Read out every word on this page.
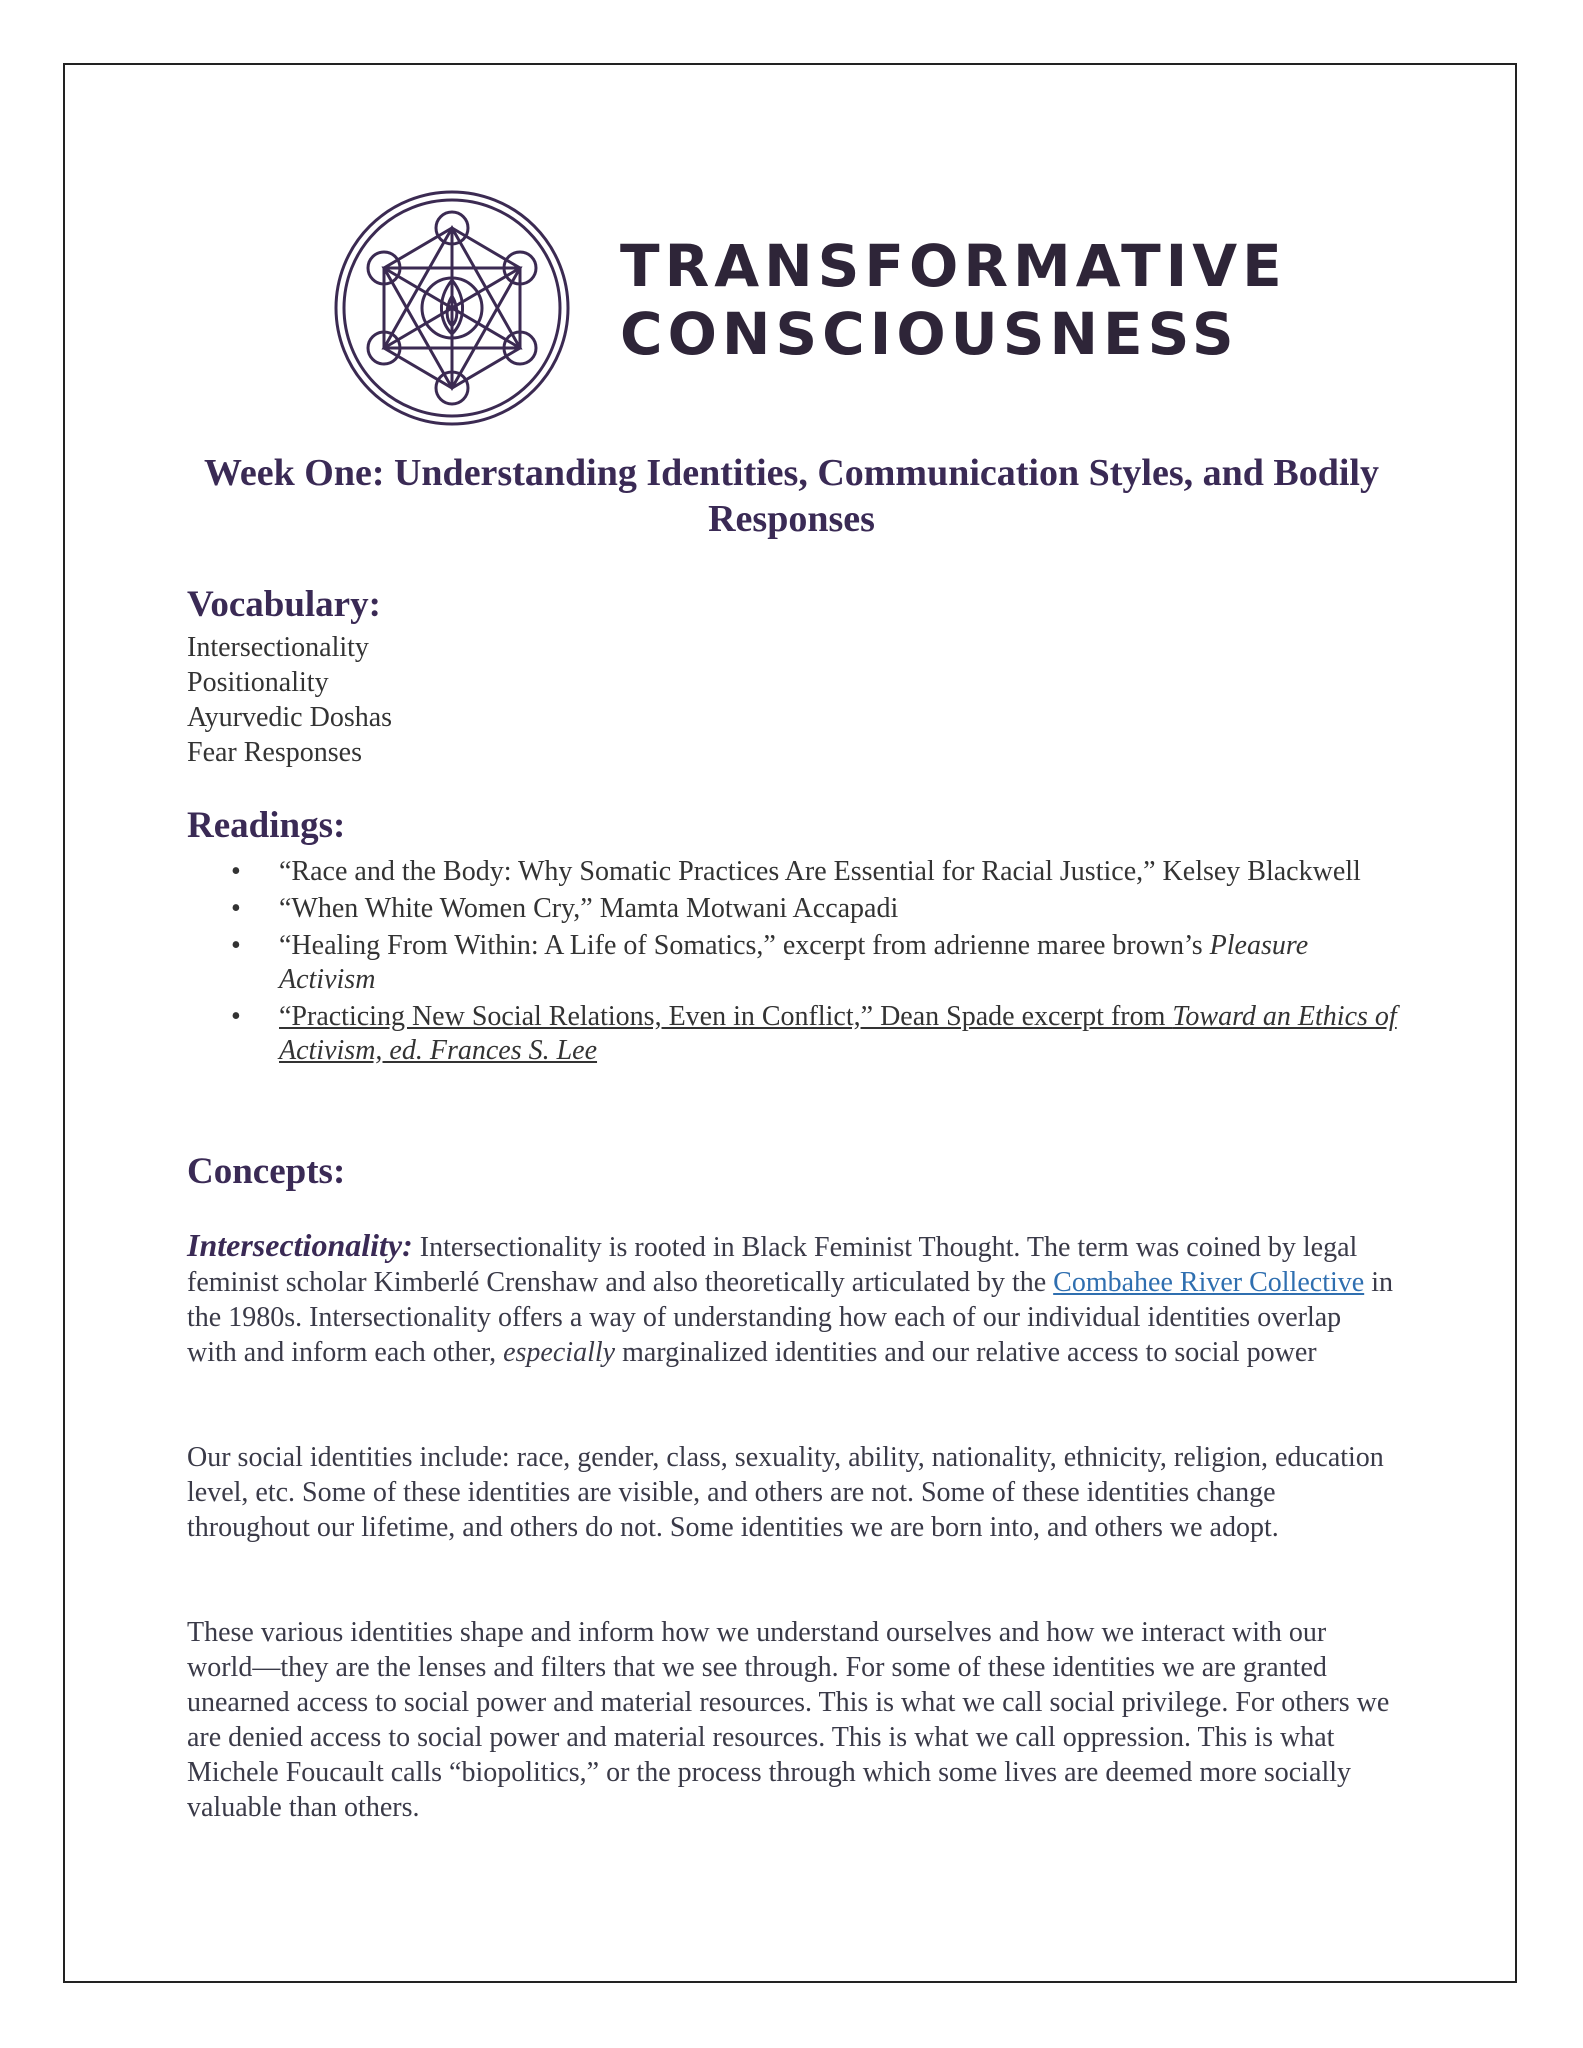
TRANSFORMATIVE
CONSCIOUSNESS
Week One: Understanding Identities, Communication Styles, and Bodily Responses
Vocabulary:
Intersectionality
Positionality
Ayurvedic Doshas
Fear Responses
Readings:
• “Race and the Body: Why Somatic Practices Are Essential for Racial Justice,” Kelsey Blackwell
• “When White Women Cry,” Mamta Motwani Accapadi
• “Healing From Within: A Life of Somatics,” excerpt from adrienne maree brown’s Pleasure Activism
• “Practicing New Social Relations, Even in Conflict,” Dean Spade excerpt from Toward an Ethics of Activism, ed. Frances S. Lee
Concepts:
Intersectionality: Intersectionality is rooted in Black Feminist Thought. The term was coined by legal feminist scholar Kimberlé Crenshaw and also theoretically articulated by the Combahee River Collective in the 1980s. Intersectionality offers a way of understanding how each of our individual identities overlap with and inform each other, especially marginalized identities and our relative access to social power
Our social identities include: race, gender, class, sexuality, ability, nationality, ethnicity, religion, education level, etc. Some of these identities are visible, and others are not. Some of these identities change throughout our lifetime, and others do not. Some identities we are born into, and others we adopt.
These various identities shape and inform how we understand ourselves and how we interact with our world—they are the lenses and filters that we see through. For some of these identities we are granted unearned access to social power and material resources. This is what we call social privilege. For others we are denied access to social power and material resources. This is what we call oppression. This is what Michele Foucault calls “biopolitics,” or the process through which some lives are deemed more socially valuable than others.
